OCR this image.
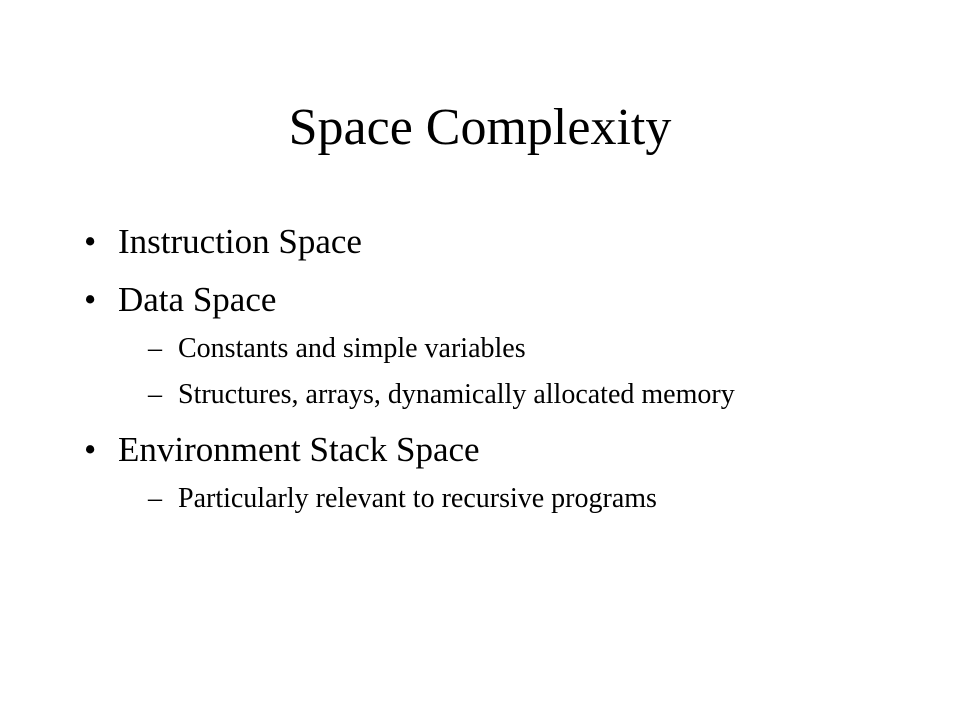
Space Complexity
• Instruction Space
• Data Space
– Constants and simple variables
– Structures, arrays, dynamically allocated memory
• Environment Stack Space
– Particularly relevant to recursive programs
